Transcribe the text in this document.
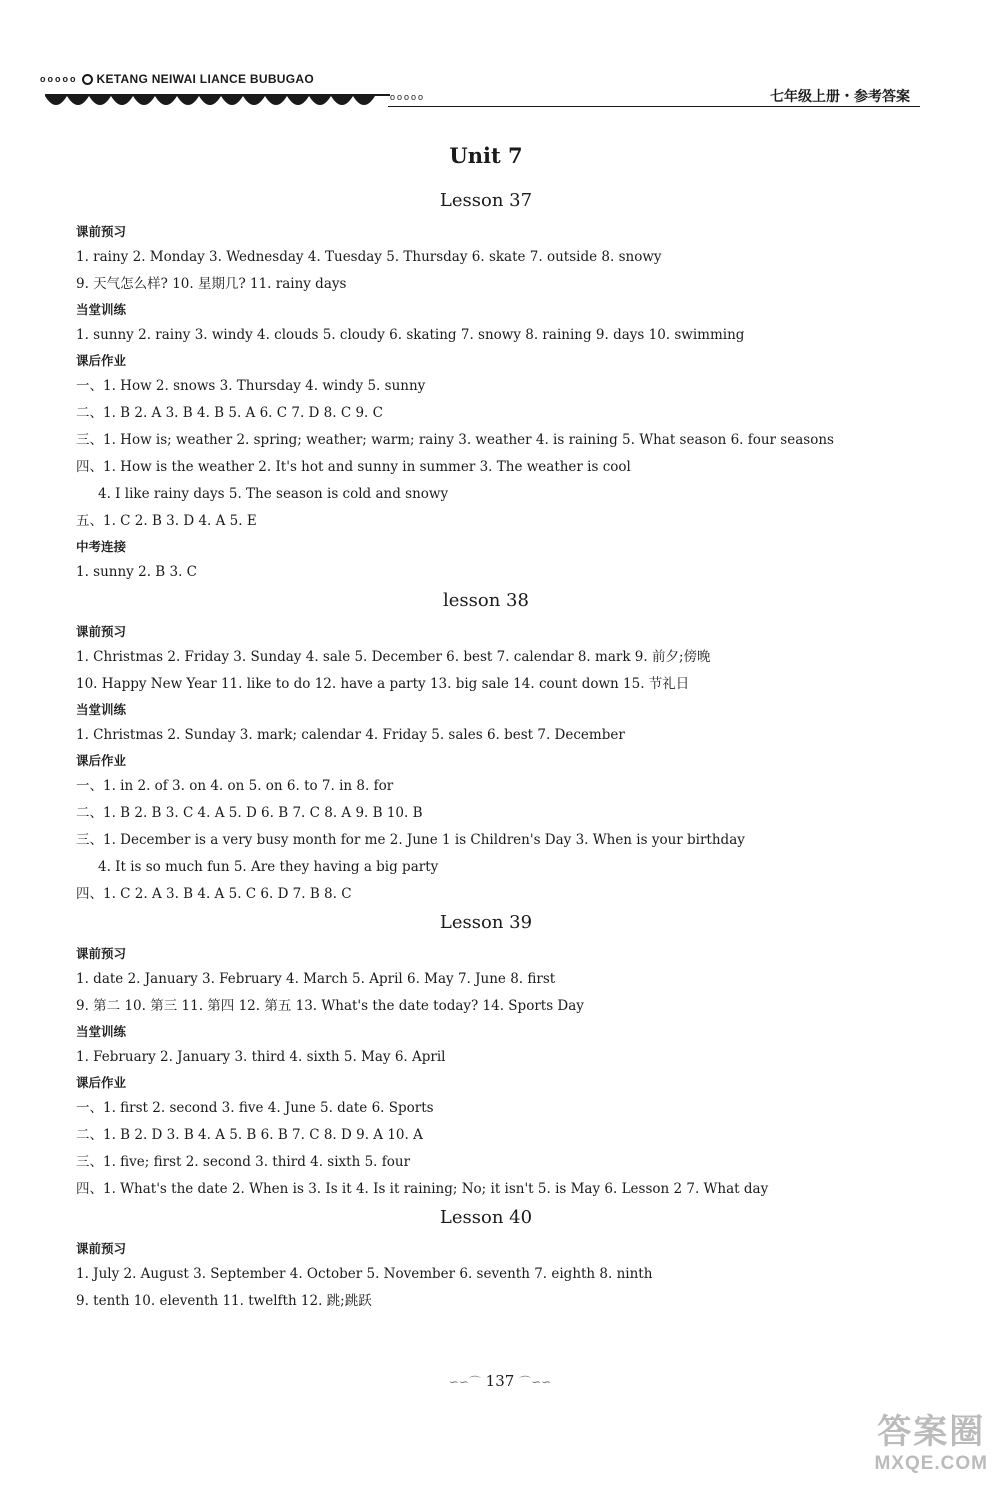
ooooo KETANG NEIWAI LIANCE BUBUGAO
ooooo	七年级上册・参考答案
Unit 7
Lesson 37
课前预习
1. rainy 2. Monday 3. Wednesday 4. Tuesday 5. Thursday 6. skate 7. outside 8. snowy
9. 天气怎么样? 10. 星期几? 11. rainy days
当堂训练
1. sunny 2. rainy 3. windy 4. clouds 5. cloudy 6. skating 7. snowy 8. raining 9. days 10. swimming
课后作业
一、1. How 2. snows 3. Thursday 4. windy 5. sunny
二、1. B 2. A 3. B 4. B 5. A 6. C 7. D 8. C 9. C
三、1. How is; weather 2. spring; weather; warm; rainy 3. weather 4. is raining 5. What season 6. four seasons
四、1. How is the weather 2. It's hot and sunny in summer 3. The weather is cool
4. I like rainy days 5. The season is cold and snowy
五、1. C 2. B 3. D 4. A 5. E
中考连接
1. sunny 2. B 3. C
lesson 38
课前预习
1. Christmas 2. Friday 3. Sunday 4. sale 5. December 6. best 7. calendar 8. mark 9. 前夕;傍晚
10. Happy New Year 11. like to do 12. have a party 13. big sale 14. count down 15. 节礼日
当堂训练
1. Christmas 2. Sunday 3. mark; calendar 4. Friday 5. sales 6. best 7. December
课后作业
一、1. in 2. of 3. on 4. on 5. on 6. to 7. in 8. for
二、1. B 2. B 3. C 4. A 5. D 6. B 7. C 8. A 9. B 10. B
三、1. December is a very busy month for me 2. June 1 is Children's Day 3. When is your birthday
4. It is so much fun 5. Are they having a big party
四、1. C 2. A 3. B 4. A 5. C 6. D 7. B 8. C
Lesson 39
课前预习
1. date 2. January 3. February 4. March 5. April 6. May 7. June 8. first
9. 第二 10. 第三 11. 第四 12. 第五 13. What's the date today? 14. Sports Day
当堂训练
1. February 2. January 3. third 4. sixth 5. May 6. April
课后作业
一、1. first 2. second 3. five 4. June 5. date 6. Sports
二、1. B 2. D 3. B 4. A 5. B 6. B 7. C 8. D 9. A 10. A
三、1. five; first 2. second 3. third 4. sixth 5. four
四、1. What's the date 2. When is 3. Is it 4. Is it raining; No; it isn't 5. is May 6. Lesson 2 7. What day
Lesson 40
课前预习
1. July 2. August 3. September 4. October 5. November 6. seventh 7. eighth 8. ninth
9. tenth 10. eleventh 11. twelfth 12. 跳;跳跃
∽∽⌒ 137 ⌒∽∽
答案圈
MXQE.COM
